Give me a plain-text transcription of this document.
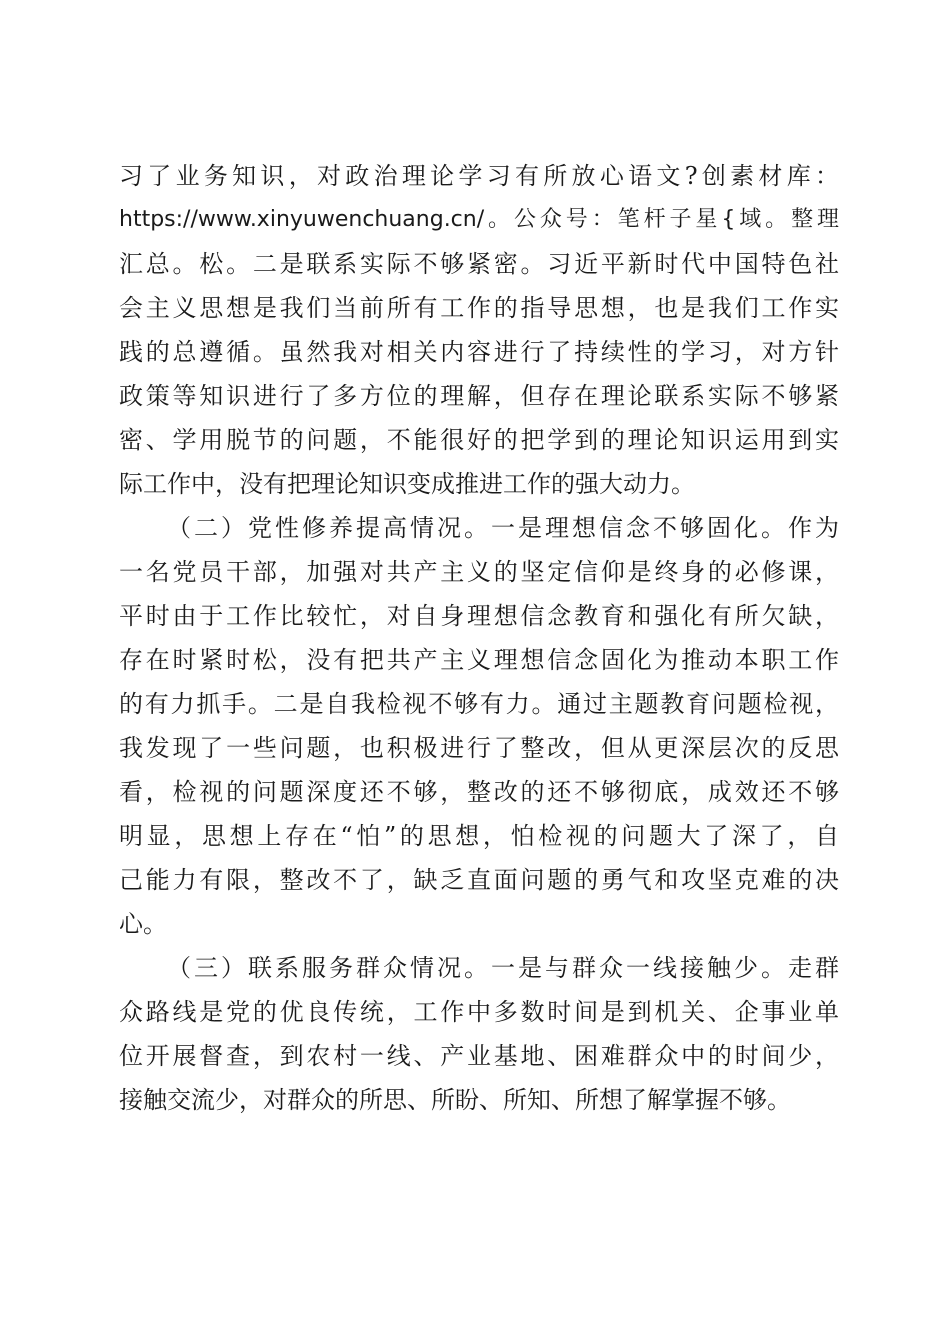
习了业务知识，对政治理论学习有所放心语文?创素材库：
https://www.xinyuwenchuang.cn/。公众号：笔杆子星{域。整理
汇总。松。二是联系实际不够紧密。习近平新时代中国特色社
会主义思想是我们当前所有工作的指导思想，也是我们工作实
践的总遵循。虽然我对相关内容进行了持续性的学习，对方针
政策等知识进行了多方位的理解，但存在理论联系实际不够紧
密、学用脱节的问题，不能很好的把学到的理论知识运用到实
际工作中，没有把理论知识变成推进工作的强大动力。
（二）党性修养提高情况。一是理想信念不够固化。作为
一名党员干部，加强对共产主义的坚定信仰是终身的必修课，
平时由于工作比较忙，对自身理想信念教育和强化有所欠缺，
存在时紧时松，没有把共产主义理想信念固化为推动本职工作
的有力抓手。二是自我检视不够有力。通过主题教育问题检视，
我发现了一些问题，也积极进行了整改，但从更深层次的反思
看，检视的问题深度还不够，整改的还不够彻底，成效还不够
明显，思想上存在“怕”的思想，怕检视的问题大了深了，自
己能力有限，整改不了，缺乏直面问题的勇气和攻坚克难的决
心。
（三）联系服务群众情况。一是与群众一线接触少。走群
众路线是党的优良传统，工作中多数时间是到机关、企事业单
位开展督查，到农村一线、产业基地、困难群众中的时间少，
接触交流少，对群众的所思、所盼、所知、所想了解掌握不够。
